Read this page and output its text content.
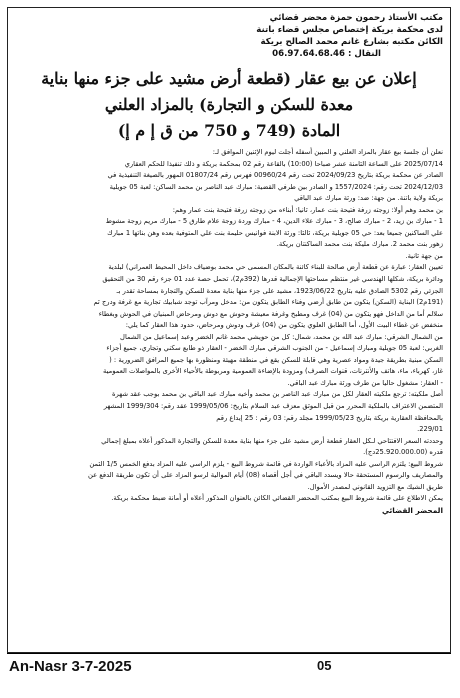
مكتب الأستاذ رحمون حمزة محضر قضائي
لدى محكمة بريكة إختصاص مجلس قضاء باتنة
الكائن مكتبه بشارع غانم محمد الصالح بريكة
النقال : 06.97.64.68.46
إعلان عن بيع عقار (قطعة أرض مشيد على جزء منها بناية
معدة للسكن و التجارة) بالمزاد العلني
المادة (749 و 750 من ق إ م إ)

نعلن أن جلسة بيع عقار بالمزاد العلني و المبين أسفله أجلت ليوم الإثنين الموافق لـ:

2025/07/14 على الساعة الثامنة عشر صباحا (10:00) بالقاعة رقم 02 بمحكمة بريكة و ذلك تنفيذا للحكم العقاري

الصادر عن محكمة بريكة بتاريخ 2024/09/23 تحت رقم 00960/24 فهرس رقم 01807/24 المهور بالصيغة التنفيذية في

2024/12/03 تحت رقم: 1557/2024 و الصادر بين طرفي القضية: مبارك عبد الناصر بن محمد الساكن: لعبة 05 جويلية

بريكة ولاية باتنة. من جهة: ضد: ورثة مبارك عبد الباقي

بن محمد وهم أولا: زوجته زرفة فتيحة بنت عمار، ثانيا: أبناءه من زوجته زرفة فتيحة بنت عمار وهم:

1 - مبارك بن زيد، 2 - مبارك صالح، 3 - مبارك علاء الدين، 4 - مبارك وردة زوجة علام طارق 5 - مبارك مريم زوجة مشوط

علي الساكنين جميعا بعد: حي 05 جويلية بريكة، ثالثا: ورثة الابنة فوانيس حليمة بنت علي المتوفية بعده وهن بناتها 1 مبارك

زهور بنت محمد 2. مبارك مليكة بنت محمد الساكنتان بريكة.

من جهة ثانية.

تعيين العقار: عبارة عن قطعة أرض صالحة للبناء كائنة بالمكان المسمى حي محمد بوضياف داخل المحيط العمراني) لبلدية

ودائرة بريكة، شكلها الهندسي غير منتظم مساحتها الإجمالية قدرها (392م2)، تحمل حصة عدد 01 جزء رقم 30 من التحقيق

الجزئي رقم 5302 الصادق عليه بتاريخ 1923/06/22، مشيد على جزء منها بناية معدة للسكن والتجارة بمساحة تقدر بـ

(191م2) البناية (السكن) يتكون من طابق أرضي وفناء الطابق يتكون من: مدخل ومرآب توجد شبابيك تجارية مع غرفة ودرج ثم

سلالم أما من الداخل فهو يتكون من (04) غرف ومطبخ وغرفة معيشة وحوش مع دوش ومرحاض المبنيان في الحوش وبغطاء

منخفض عن غطاء البيت الأول، أما الطابق العلوي يتكون من (04) غرف ودوش ومرحاض، حدود هذا العقار كما يلي:

من الشمال الشرقي: مبارك عبد الله بن محمد، شمال: كل من حويشي محمد غانم الخضر وعبد إسماعيل من الشمال

الغربي: لعبة 05 جويلية ومبارك إسماعيل - من الجنوب الشرقي مبارك الخضر - العقار ذو طابع سكني وتجاري، جميع أجزاء

السكن مبنية بطريقة جيدة ومواد عصرية وهي قابلة للسكن يقع في منطقة مهيئة ومنظورة بها جميع المرافق الضرورية : (

غاز، كهرباء، ماء، هاتف والأنترنات، قنوات الصرف) ومزودة بالإضاءة العمومية ومربوطة بالأحياء الأخرى بالمواصلات العمومية

- العقار: مشغول حاليا من طرف ورثة مبارك عبد الباقي.

أصل ملكيته: ترجع ملكيته العقار لكل من مبارك عبد الناصر بن محمد وأخيه مبارك عبد الباقي بن محمد بوجب عقد شهرة

المتضمن الاعتراف بالملكية المحرر من قبل الموثق معزف عبد السلام بتاريخ: 1999/05/06 عقد رقم: 1999/304 المشهر

بالمحافظة العقارية بريكة بتاريخ 1999/05/23 مجلد رقم: 03 رقم : 25 إيداع رقم

229/01.

وحددته السعر الافتتاحي لـكل العقار قطعة أرض مشيد على جزء منها بناية معدة للسكن والتجارة المذكور أعلاه بمبلغ إجمالي

قدره (25.920.000.00دج).

شروط البيع: يلتزم الراسي عليه المزاد بالأعباء الواردة في قائمة شروط البيع - يلزم الراسي عليه المزاد بدفع الخمس 1/5 الثمن

والمصاريف والرسوم المستحقة حالا ويسدد الباقي في أجل أقصاه (08) أيام الموالية لرسو المزاد على أن تكون طريقة الدفع عن

طريق الشيك مع التزويد القانوني لمصدر الأموال.

يمكن الاطلاع على قائمة شروط البيع بمكتب المحضر القضائي الكائن بالعنوان المذكور أعلاه أو أمانة ضبط محكمة بريكة.

المحضر القضائي

An-Nasr 3-7-2025	05
